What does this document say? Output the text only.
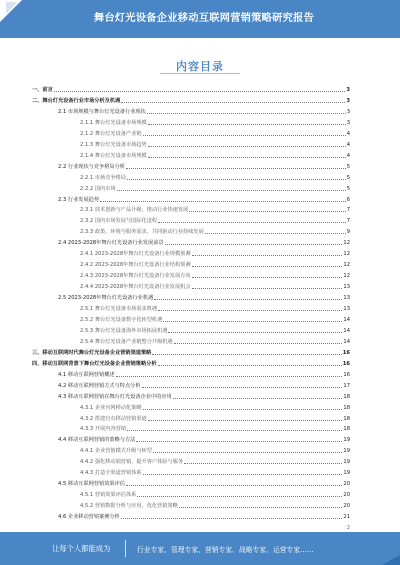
舞台灯光设备企业移动互联网营销策略研究报告
内容目录
一、前言	3
二、舞台灯光设备行业市场分析及机遇	3
2.1 市场规模与舞台灯光设备行业现状	3
2.1.1 舞台灯光设备市场规模	3
2.1.2 舞台灯光设备产业链	4
2.1.3 舞台灯光设备市场趋势	4
2.1.4 舞台灯光设备市场规模	4
2.2 行业现状与竞争格局分析	5
2.2.1 市场竞争格局	5
2.2.2 国内市场	5
2.3 行业发展趋势	6
2.3.1 技术创新与产品升级，推动行业快速发展	7
2.3.2 国内市场发展与国际化进程	7
2.3.3 政策、环境与服务需求，共同驱动行业持续发展	9
2.4 2023-2028年舞台灯光设备行业发展前景	12
2.4.1 2023-2028年舞台灯光设备行业规模预测	12
2.4.2 2023-2028年舞台灯光设备行业结构预测	12
2.4.3 2023-2028年舞台灯光设备行业发展方向	12
2.4.4 2023-2028年舞台灯光设备行业发展机会	13
2.5 2023-2028年舞台灯光设备行业机遇	13
2.5.1 舞台灯光设备市场需求机遇	13
2.5.2 舞台灯光设备数字化转型机遇	14
2.5.3 舞台灯光设备海外市场拓展机遇	14
2.5.4 舞台灯光设备产业链整合升级机遇	14
三、移动互联网时代舞台灯光设备企业营销渠道策略	16
四、移动互联网背景下舞台灯光设备企业营销策略分析	16
4.1 移动互联网营销概述	16
4.2 移动互联网营销方式与特点分析	17
4.3 移动互联网营销在舞台灯光设备企业中的应用	18
4.3.1 企业官网移动化策略	18
4.3.2 搭建自有移动营销渠道	18
4.3.3 开展内容营销	18
4.4 移动互联网营销的策略与方法	19
4.4.1 企业营销模式升级与转型	19
4.4.2 强化移动端营销，提升客户体验与服务	19
4.4.3 打造全渠道营销体系	19
4.5 移动互联网营销效果评估	20
4.5.1 营销效果评估体系	20
4.5.2 营销数据分析与应用，优化营销策略	20
4.6 企业移动营销案例分析	21
2
让每个人都能成为	行业专家、管理专家、营销专家、战略专家、运营专家……
